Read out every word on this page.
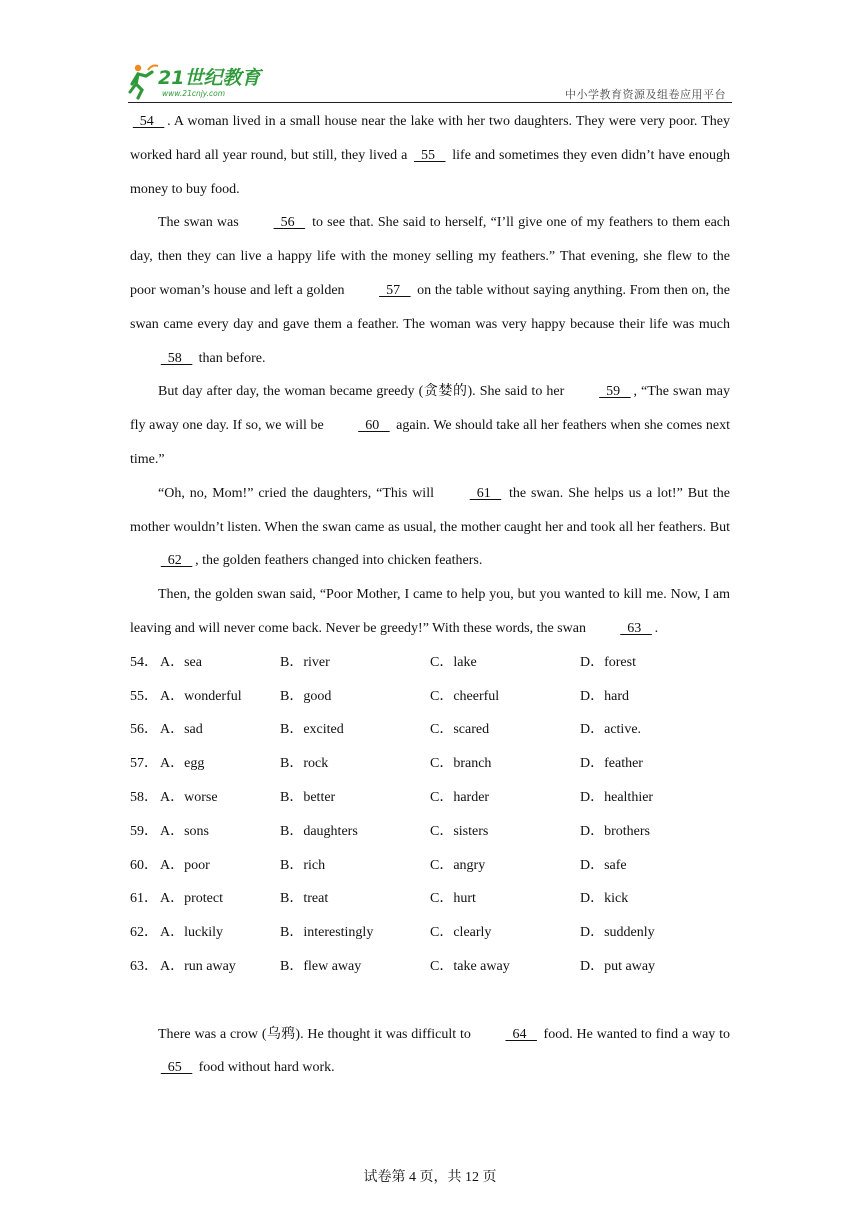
21世纪教育
www.21cnjy.com	中小学教育资源及组卷应用平台

54   . A woman lived in a small house near the lake with her two daughters. They were very poor. They worked hard all year round, but still, they lived a   55    life and sometimes they even didn’t have enough money to buy food.

The swan was   56    to see that. She said to herself, “I’ll give one of my feathers to them each day, then they can live a happy life with the money selling my feathers.” That evening, she flew to the poor woman’s house and left a golden   57    on the table without saying anything. From then on, the swan came every day and gave them a feather. The woman was very happy because their life was much   58    than before.

But day after day, the woman became greedy (贪婪的). She said to her   59   , “The swan may fly away one day. If so, we will be   60    again. We should take all her feathers when she comes next time.”

“Oh, no, Mom!” cried the daughters, “This will   61    the swan. She helps us a lot!” But the mother wouldn’t listen. When the swan came as usual, the mother caught her and took all her feathers. But   62   , the golden feathers changed into chicken feathers.

Then, the golden swan said, “Poor Mother, I came to help you, but you wanted to kill me. Now, I am leaving and will never come back. Never be greedy!” With these words, the swan   63   .

54． A．sea	B．river	C．lake	D．forest
55． A．wonderful	B．good	C．cheerful	D．hard
56． A．sad	B．excited	C．scared	D．active.
57． A．egg	B．rock	C．branch	D．feather
58． A．worse	B．better	C．harder	D．healthier
59． A．sons	B．daughters	C．sisters	D．brothers
60． A．poor	B．rich	C．angry	D．safe
61． A．protect	B．treat	C．hurt	D．kick
62． A．luckily	B．interestingly	C．clearly	D．suddenly
63． A．run away	B．flew away	C．take away	D．put away

There was a crow (乌鸦). He thought it was difficult to   64    food. He wanted to find a way to   65    food without hard work.

试卷第 4 页，共 12 页
